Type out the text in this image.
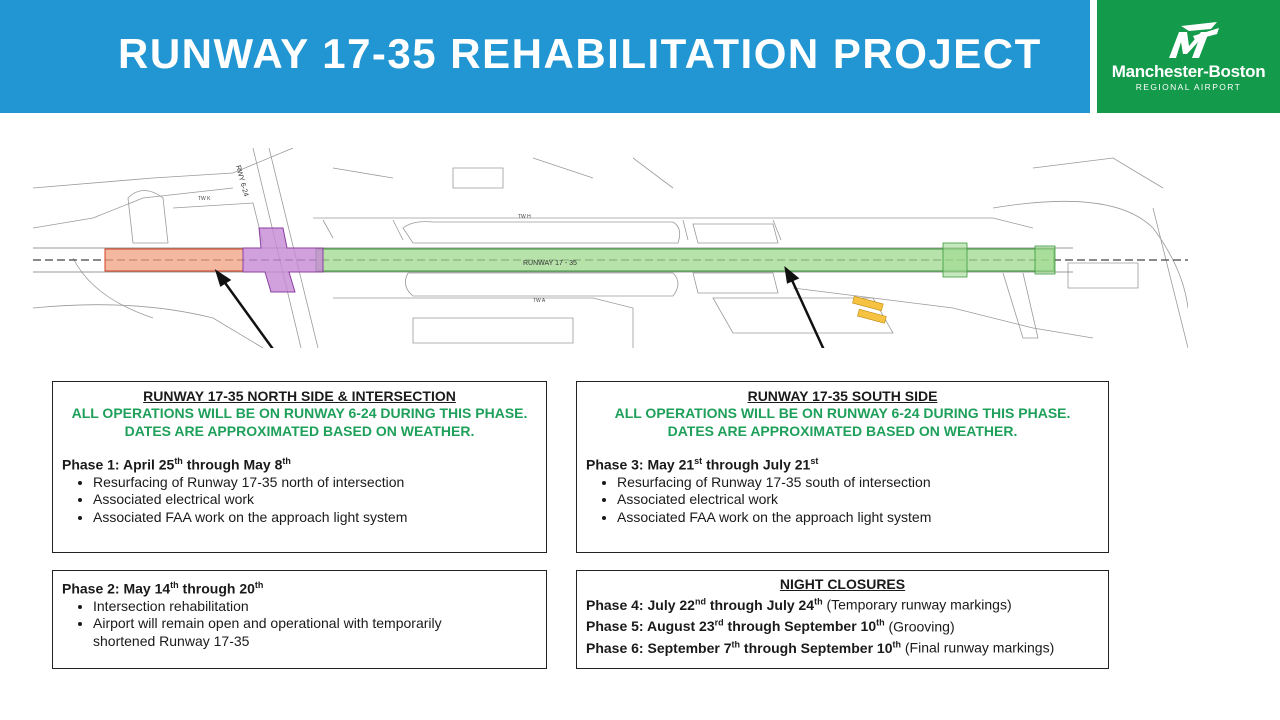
RUNWAY 17-35 REHABILITATION PROJECT	Manchester-Boston
REGIONAL AIRPORT
RUNWAY 17 - 35
RWY 6-24
TW K
TW H
TW A
RUNWAY 17-35 NORTH SIDE & INTERSECTION
ALL OPERATIONS WILL BE ON RUNWAY 6-24 DURING THIS PHASE.
DATES ARE APPROXIMATED BASED ON WEATHER.
Phase 1: April 25th through May 8th
• Resurfacing of Runway 17-35 north of intersection
• Associated electrical work
• Associated FAA work on the approach light system
RUNWAY 17-35 SOUTH SIDE
ALL OPERATIONS WILL BE ON RUNWAY 6-24 DURING THIS PHASE.
DATES ARE APPROXIMATED BASED ON WEATHER.
Phase 3: May 21st through July 21st
• Resurfacing of Runway 17-35 south of intersection
• Associated electrical work
• Associated FAA work on the approach light system
Phase 2: May 14th through 20th
• Intersection rehabilitation
• Airport will remain open and operational with temporarily shortened Runway 17-35
NIGHT CLOSURES
Phase 4: July 22nd through July 24th (Temporary runway markings)
Phase 5: August 23rd through September 10th (Grooving)
Phase 6: September 7th through September 10th (Final runway markings)
